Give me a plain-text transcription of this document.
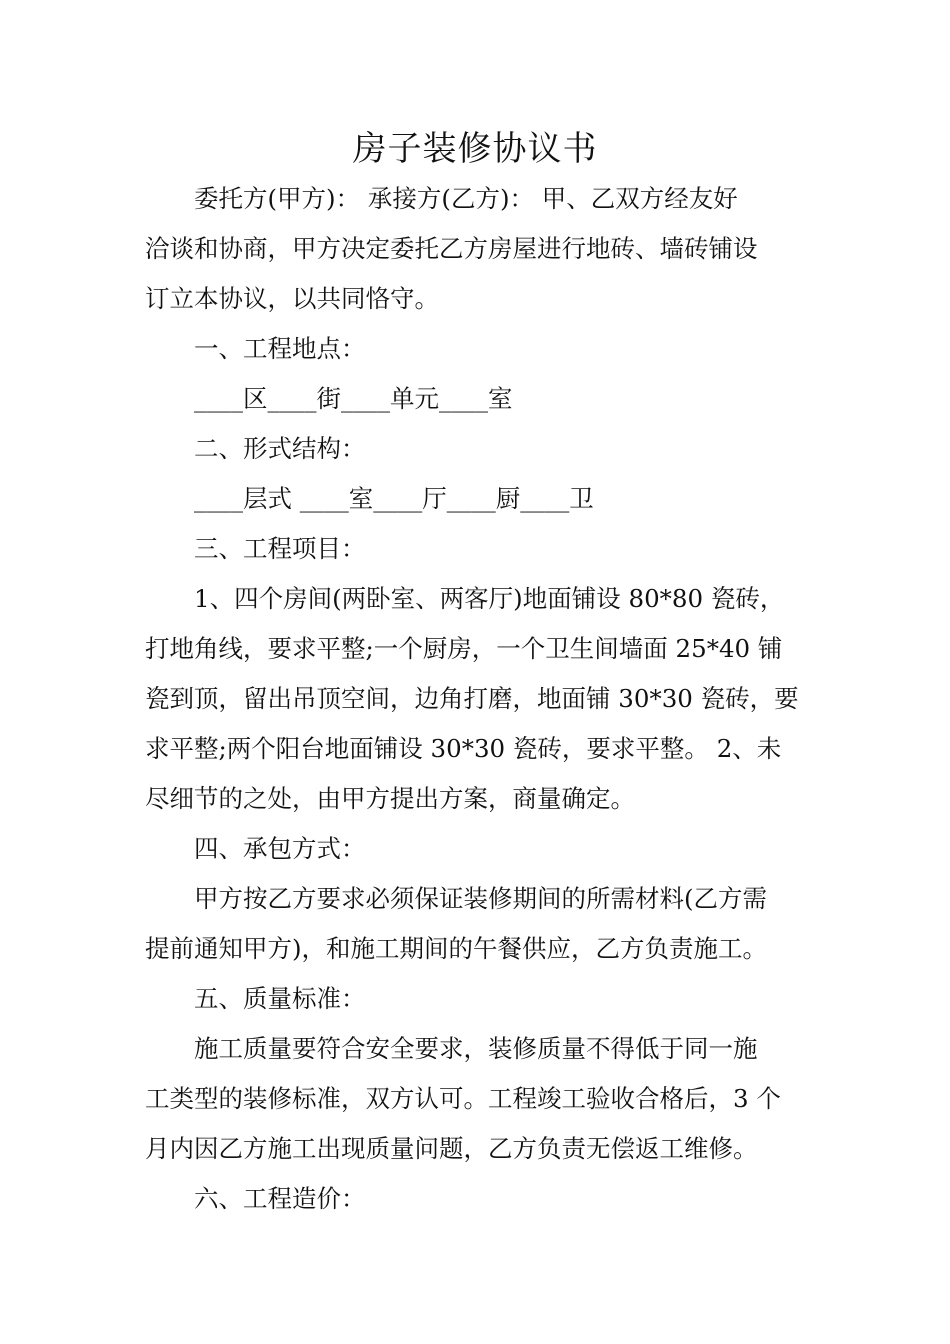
房子装修协议书
委托方(甲方)： 承接方(乙方)： 甲、乙双方经友好
洽谈和协商，甲方决定委托乙方房屋进行地砖、墙砖铺设
订立本协议，以共同恪守。
一、工程地点：
____区____街____单元____室
二、形式结构：
____层式 ____室____厅____厨____卫
三、工程项目：
1、四个房间(两卧室、两客厅)地面铺设 80*80 瓷砖，
打地角线，要求平整;一个厨房，一个卫生间墙面 25*40 铺
瓷到顶，留出吊顶空间，边角打磨，地面铺 30*30 瓷砖，要
求平整;两个阳台地面铺设 30*30 瓷砖，要求平整。 2、未
尽细节的之处，由甲方提出方案，商量确定。
四、承包方式：
甲方按乙方要求必须保证装修期间的所需材料(乙方需
提前通知甲方)，和施工期间的午餐供应，乙方负责施工。
五、质量标准：
施工质量要符合安全要求，装修质量不得低于同一施
工类型的装修标准，双方认可。工程竣工验收合格后，3 个
月内因乙方施工出现质量问题，乙方负责无偿返工维修。
六、工程造价：
